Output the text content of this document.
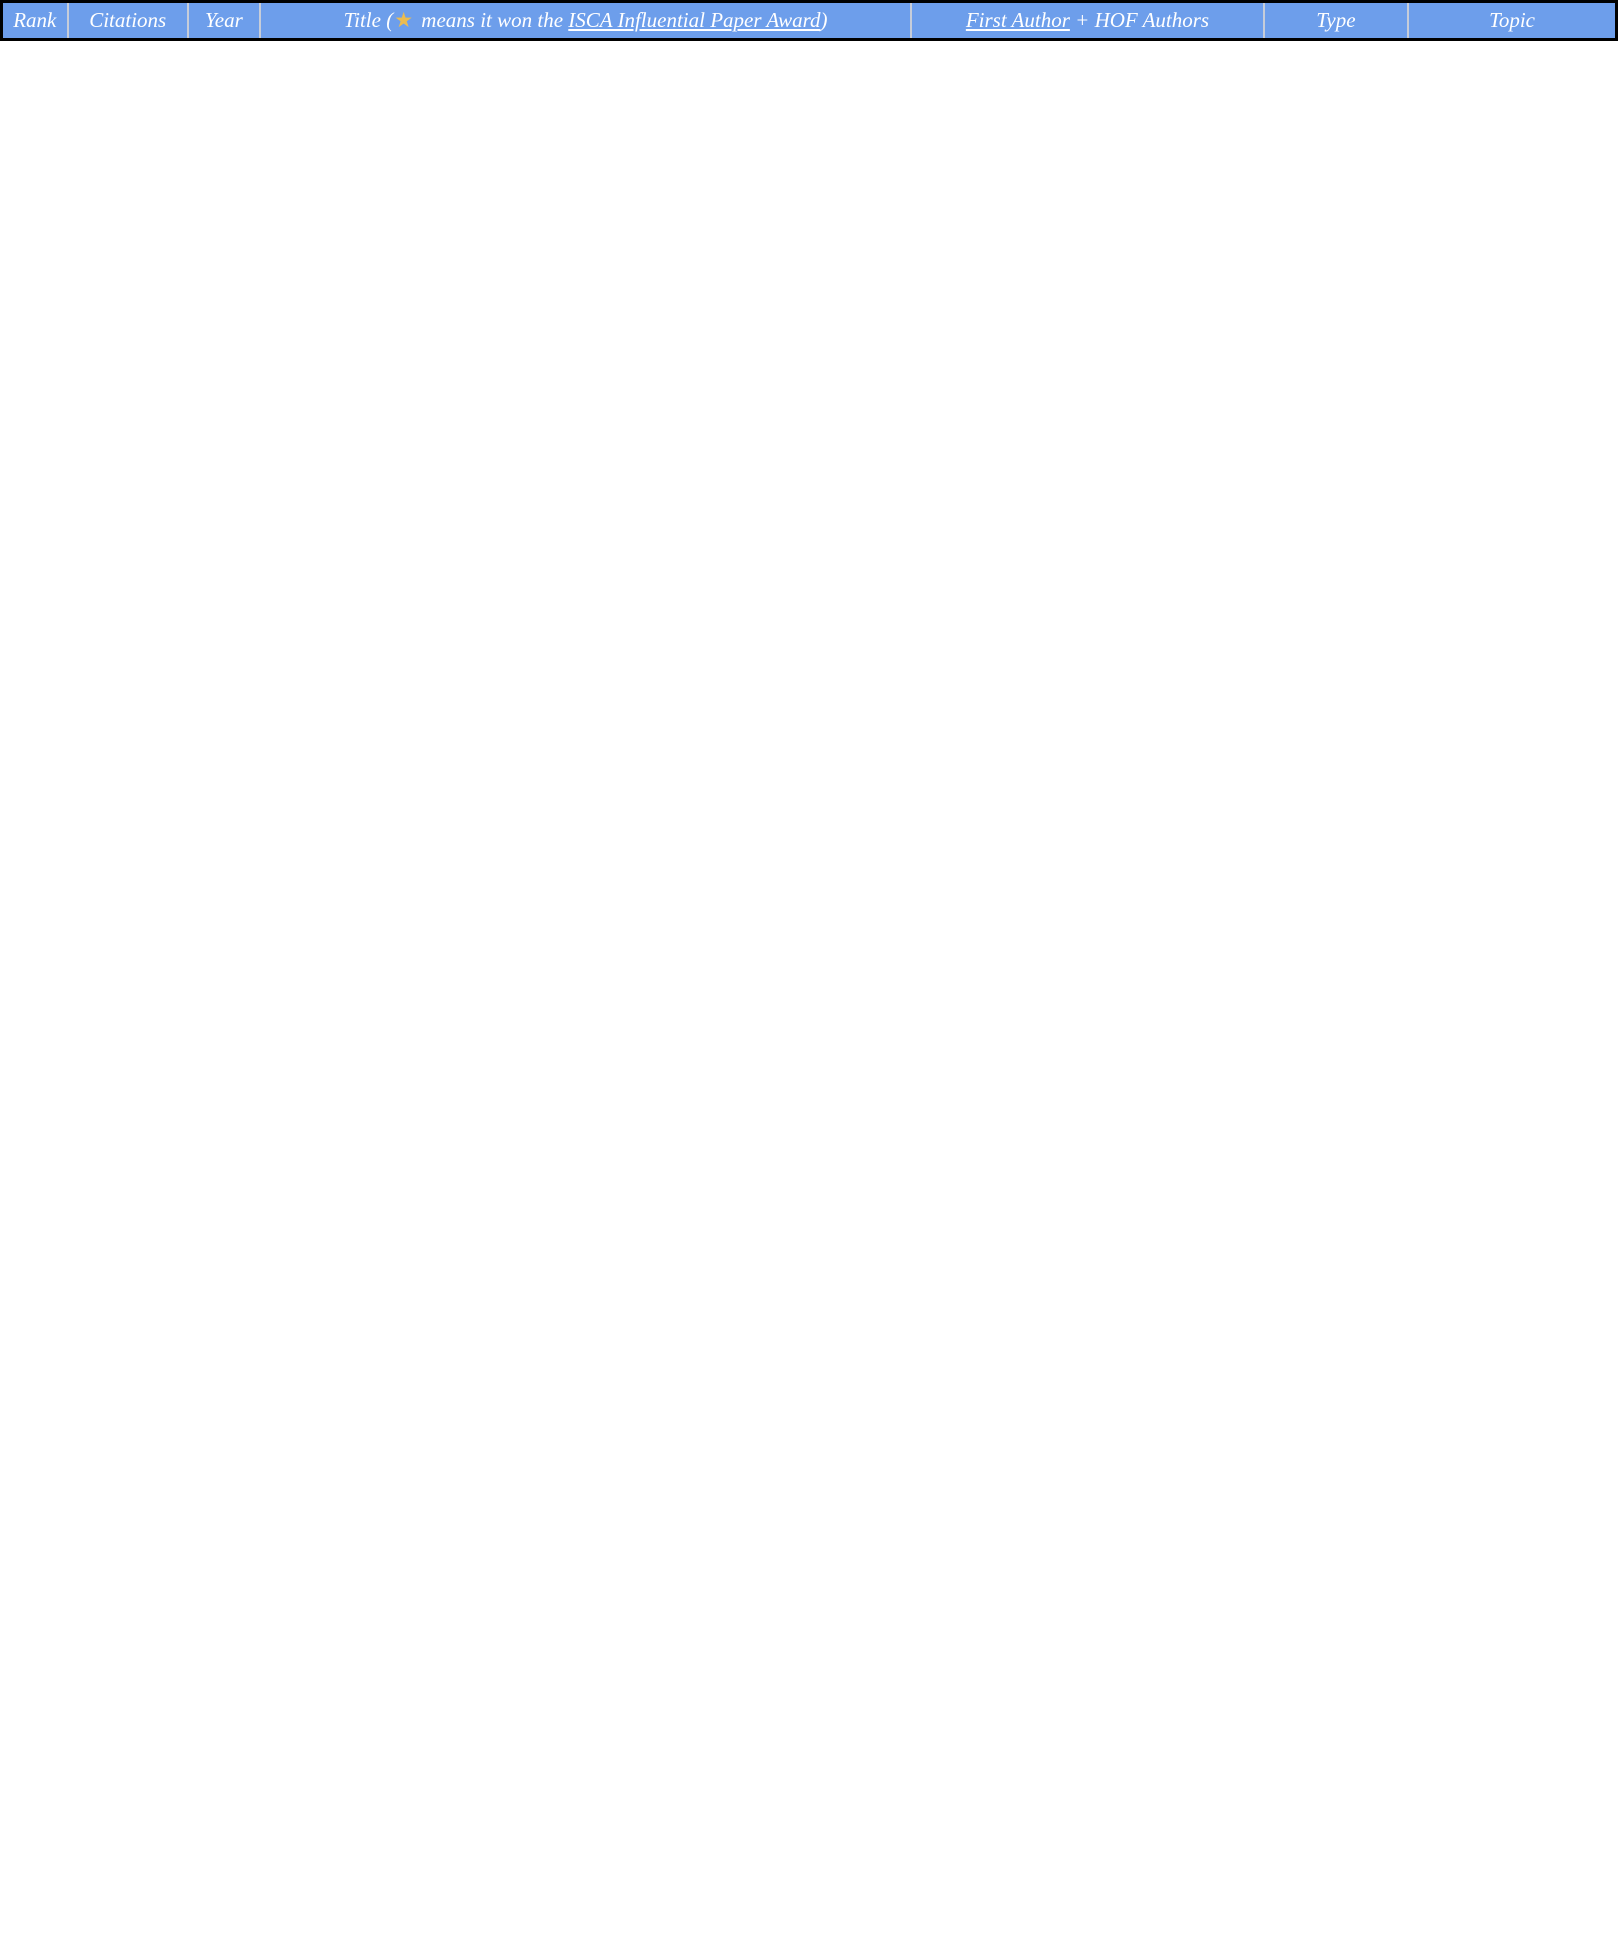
Rank	Citations	Year	Title (★ means it won the ISCA Influential Paper Award)	First Author + HOF Authors	Type	Topic
